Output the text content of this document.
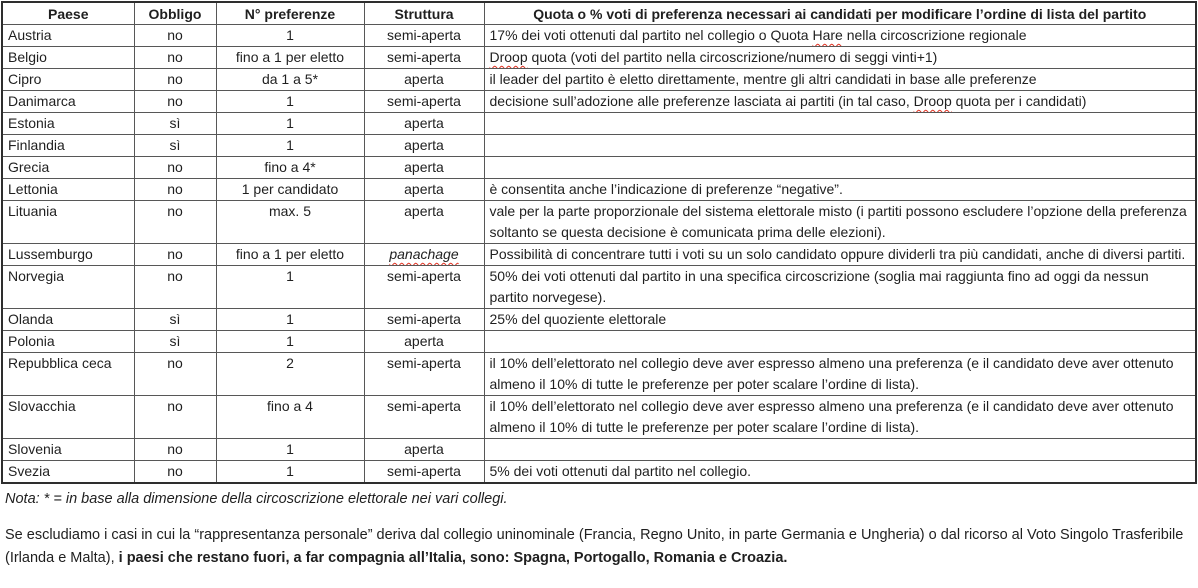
Paese	Obbligo	N° preferenze	Struttura	Quota o % voti di preferenza necessari ai candidati per modificare l’ordine di lista del partito
Austria	no	1	semi-aperta	17% dei voti ottenuti dal partito nel collegio o Quota Hare nella circoscrizione regionale
Belgio	no	fino a 1 per eletto	semi-aperta	Droop quota (voti del partito nella circoscrizione/numero di seggi vinti+1)
Cipro	no	da 1 a 5*	aperta	il leader del partito è eletto direttamente, mentre gli altri candidati in base alle preferenze
Danimarca	no	1	semi-aperta	decisione sull’adozione alle preferenze lasciata ai partiti (in tal caso, Droop quota per i candidati)
Estonia	sì	1	aperta	
Finlandia	sì	1	aperta	
Grecia	no	fino a 4*	aperta	
Lettonia	no	1 per candidato	aperta	è consentita anche l’indicazione di preferenze “negative”.
Lituania	no	max. 5	aperta	vale per la parte proporzionale del sistema elettorale misto (i partiti possono escludere l’opzione della preferenza soltanto se questa decisione è comunicata prima delle elezioni).
Lussemburgo	no	fino a 1 per eletto	panachage	Possibilità di concentrare tutti i voti su un solo candidato oppure dividerli tra più candidati, anche di diversi partiti.
Norvegia	no	1	semi-aperta	50% dei voti ottenuti dal partito in una specifica circoscrizione (soglia mai raggiunta fino ad oggi da nessun partito norvegese).
Olanda	sì	1	semi-aperta	25% del quoziente elettorale
Polonia	sì	1	aperta	
Repubblica ceca	no	2	semi-aperta	il 10% dell’elettorato nel collegio deve aver espresso almeno una preferenza (e il candidato deve aver ottenuto almeno il 10% di tutte le preferenze per poter scalare l’ordine di lista).
Slovacchia	no	fino a 4	semi-aperta	il 10% dell’elettorato nel collegio deve aver espresso almeno una preferenza (e il candidato deve aver ottenuto almeno il 10% di tutte le preferenze per poter scalare l’ordine di lista).
Slovenia	no	1	aperta	
Svezia	no	1	semi-aperta	5% dei voti ottenuti dal partito nel collegio.

Nota: * = in base alla dimensione della circoscrizione elettorale nei vari collegi.

Se escludiamo i casi in cui la “rappresentanza personale” deriva dal collegio uninominale (Francia, Regno Unito, in parte Germania e Ungheria) o dal ricorso al Voto Singolo Trasferibile (Irlanda e Malta), i paesi che restano fuori, a far compagnia all’Italia, sono: Spagna, Portogallo, Romania e Croazia.
